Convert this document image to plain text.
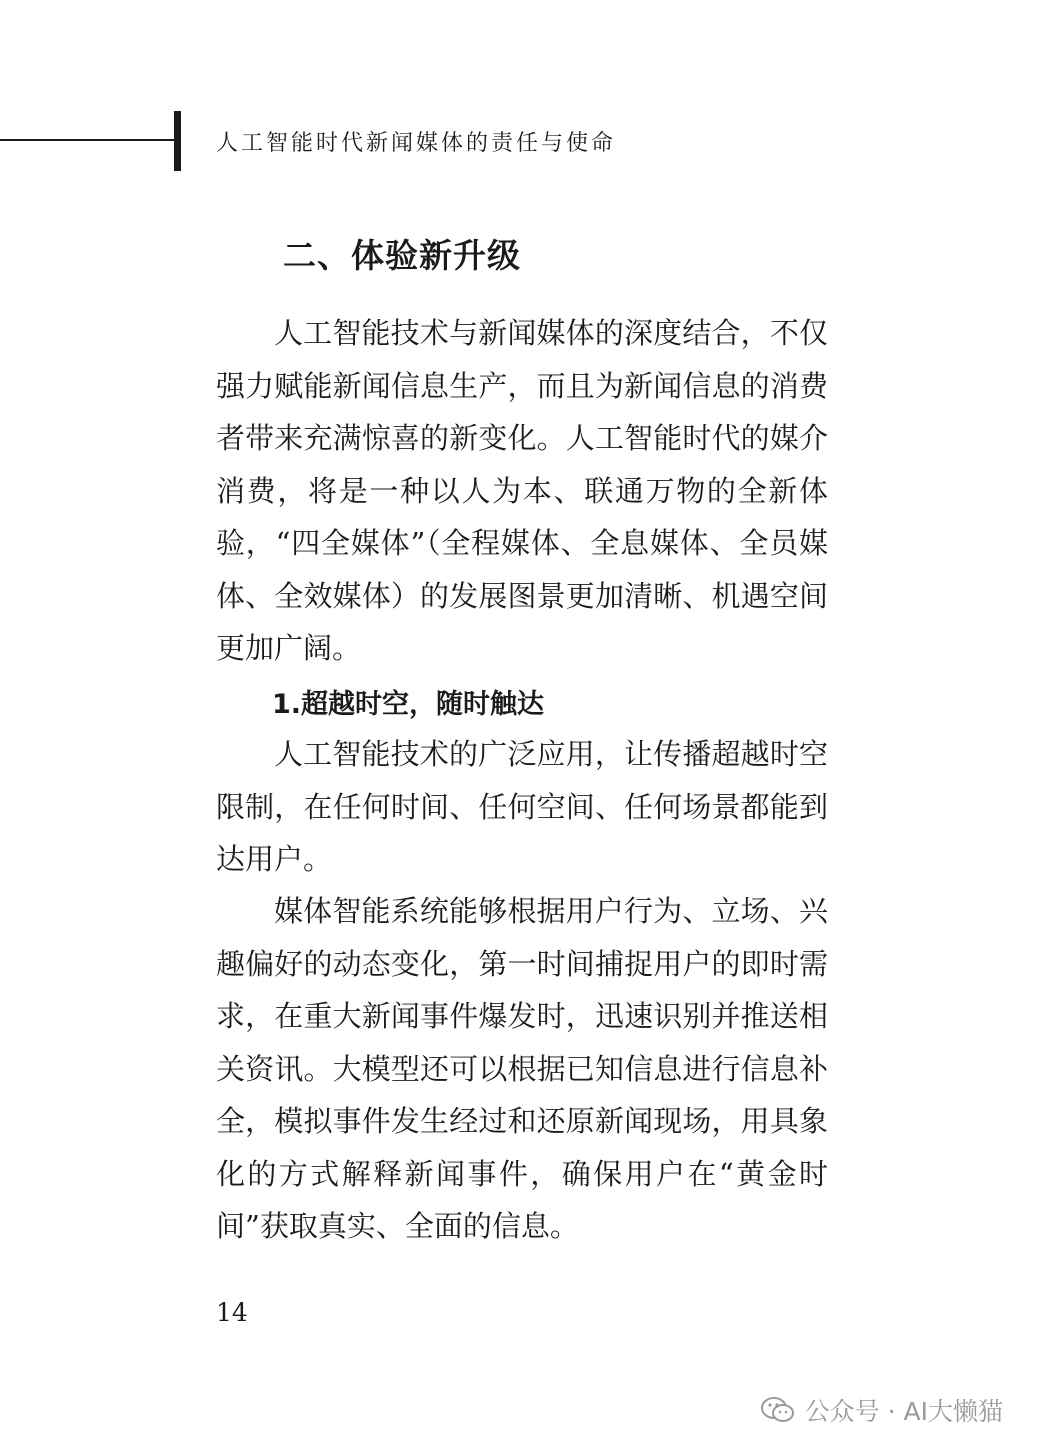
人工智能时代新闻媒体的责任与使命
二、体验新升级

人工智能技术与新闻媒体的深度结合，不仅强力赋能新闻信息生产，而且为新闻信息的消费者带来充满惊喜的新变化。人工智能时代的媒介消费，将是一种以人为本、联通万物的全新体验，“四全媒体”（全程媒体、全息媒体、全员媒体、全效媒体）的发展图景更加清晰、机遇空间更加广阔。

1.超越时空，随时触达

人工智能技术的广泛应用，让传播超越时空限制，在任何时间、任何空间、任何场景都能到达用户。

媒体智能系统能够根据用户行为、立场、兴趣偏好的动态变化，第一时间捕捉用户的即时需求，在重大新闻事件爆发时，迅速识别并推送相关资讯。大模型还可以根据已知信息进行信息补全，模拟事件发生经过和还原新闻现场，用具象化的方式解释新闻事件，确保用户在“黄金时间”获取真实、全面的信息。

14
公众号 · AI大懒猫
